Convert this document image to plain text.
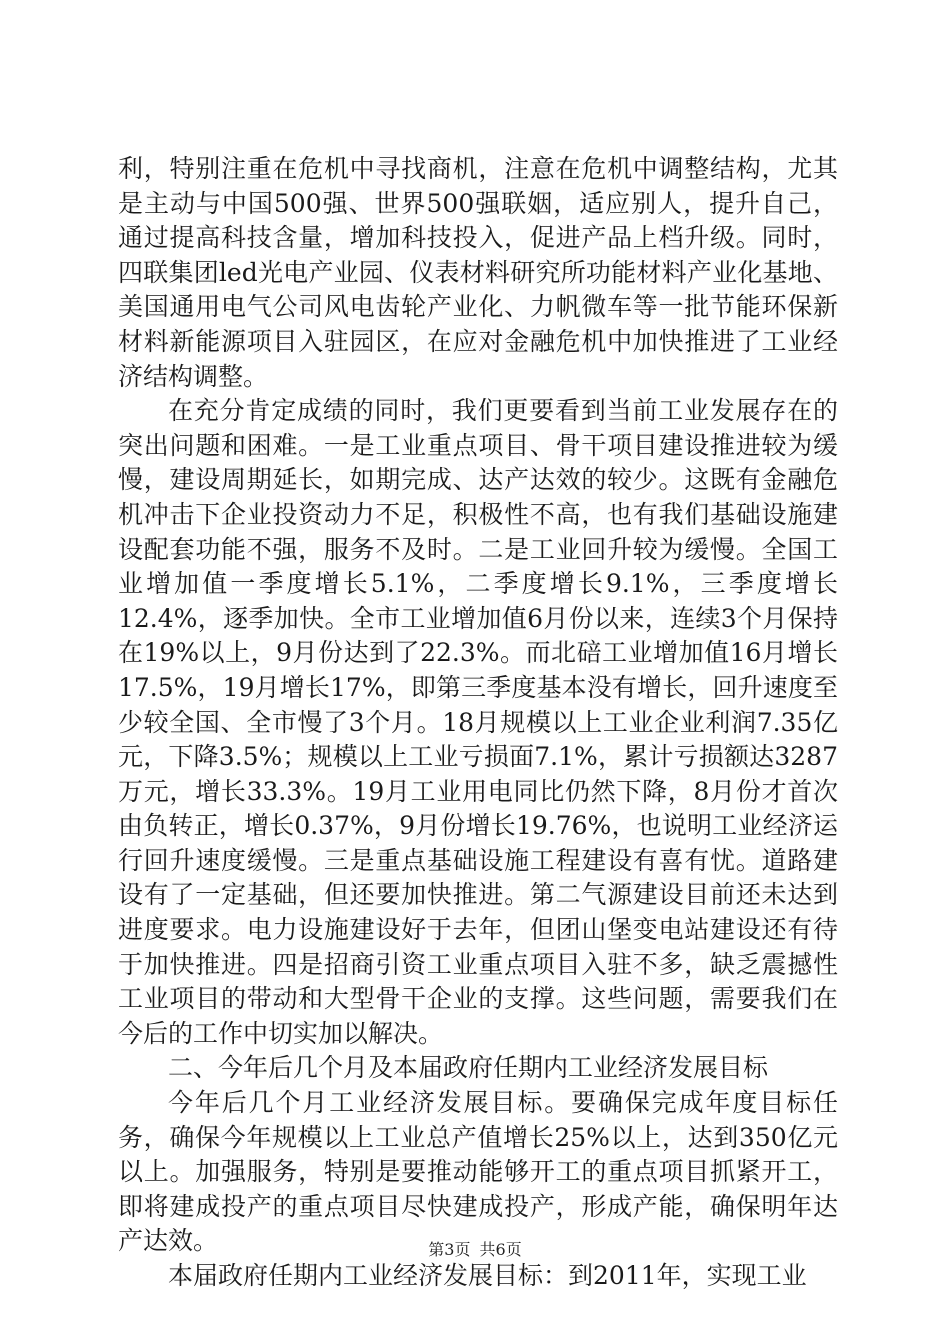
利，特别注重在危机中寻找商机，注意在危机中调整结构，尤其是主动与中国500强、世界500强联姻，适应别人，提升自己，通过提高科技含量，增加科技投入，促进产品上档升级。同时，四联集团led光电产业园、仪表材料研究所功能材料产业化基地、美国通用电气公司风电齿轮产业化、力帆微车等一批节能环保新材料新能源项目入驻园区，在应对金融危机中加快推进了工业经济结构调整。

在充分肯定成绩的同时，我们更要看到当前工业发展存在的突出问题和困难。一是工业重点项目、骨干项目建设推进较为缓慢，建设周期延长，如期完成、达产达效的较少。这既有金融危机冲击下企业投资动力不足，积极性不高，也有我们基础设施建设配套功能不强，服务不及时。二是工业回升较为缓慢。全国工业增加值一季度增长5.1%，二季度增长9.1%，三季度增长12.4%，逐季加快。全市工业增加值6月份以来，连续3个月保持在19%以上，9月份达到了22.3%。而北碚工业增加值16月增长17.5%，19月增长17%，即第三季度基本没有增长，回升速度至少较全国、全市慢了3个月。18月规模以上工业企业利润7.35亿元，下降3.5%；规模以上工业亏损面7.1%，累计亏损额达3287万元，增长33.3%。19月工业用电同比仍然下降，8月份才首次由负转正，增长0.37%，9月份增长19.76%，也说明工业经济运行回升速度缓慢。三是重点基础设施工程建设有喜有忧。道路建设有了一定基础，但还要加快推进。第二气源建设目前还未达到进度要求。电力设施建设好于去年，但团山堡变电站建设还有待于加快推进。四是招商引资工业重点项目入驻不多，缺乏震撼性工业项目的带动和大型骨干企业的支撑。这些问题，需要我们在今后的工作中切实加以解决。

二、今年后几个月及本届政府任期内工业经济发展目标

今年后几个月工业经济发展目标。要确保完成年度目标任务，确保今年规模以上工业总产值增长25%以上，达到350亿元以上。加强服务，特别是要推动能够开工的重点项目抓紧开工，即将建成投产的重点项目尽快建成投产，形成产能，确保明年达产达效。

本届政府任期内工业经济发展目标：到2011年，实现工业

第3页 共6页
